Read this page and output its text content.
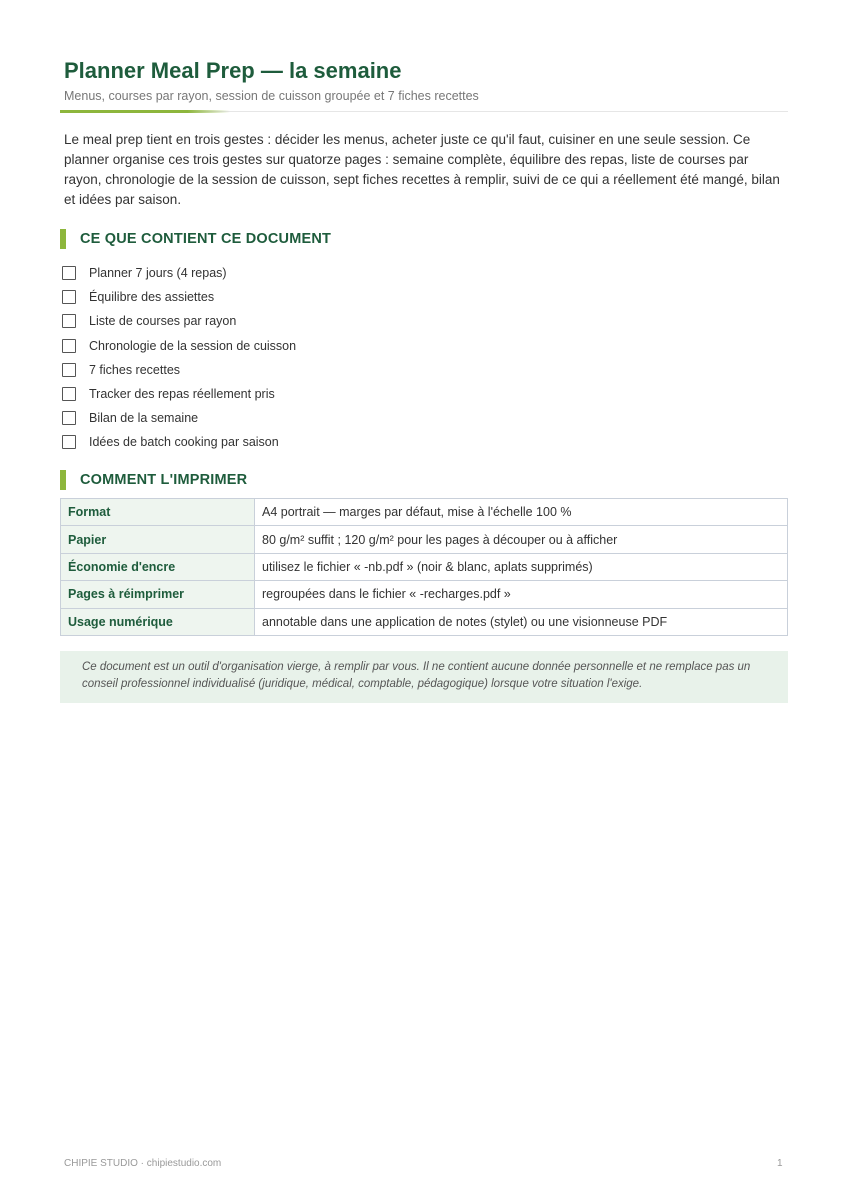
Planner Meal Prep — la semaine
Menus, courses par rayon, session de cuisson groupée et 7 fiches recettes

Le meal prep tient en trois gestes : décider les menus, acheter juste ce qu'il faut, cuisiner en une seule session. Ce planner organise ces trois gestes sur quatorze pages : semaine complète, équilibre des repas, liste de courses par rayon, chronologie de la session de cuisson, sept fiches recettes à remplir, suivi de ce qui a réellement été mangé, bilan et idées par saison.

CE QUE CONTIENT CE DOCUMENT
Planner 7 jours (4 repas)
Équilibre des assiettes
Liste de courses par rayon
Chronologie de la session de cuisson
7 fiches recettes
Tracker des repas réellement pris
Bilan de la semaine
Idées de batch cooking par saison
COMMENT L'IMPRIMER
Format	A4 portrait — marges par défaut, mise à l'échelle 100 %
Papier	80 g/m² suffit ; 120 g/m² pour les pages à découper ou à afficher
Économie d'encre	utilisez le fichier « -nb.pdf » (noir & blanc, aplats supprimés)
Pages à réimprimer	regroupées dans le fichier « -recharges.pdf »
Usage numérique	annotable dans une application de notes (stylet) ou une visionneuse PDF
Ce document est un outil d'organisation vierge, à remplir par vous. Il ne contient aucune donnée personnelle et ne remplace pas un conseil professionnel individualisé (juridique, médical, comptable, pédagogique) lorsque votre situation l'exige.
CHIPIE STUDIO · chipiestudio.com	1
